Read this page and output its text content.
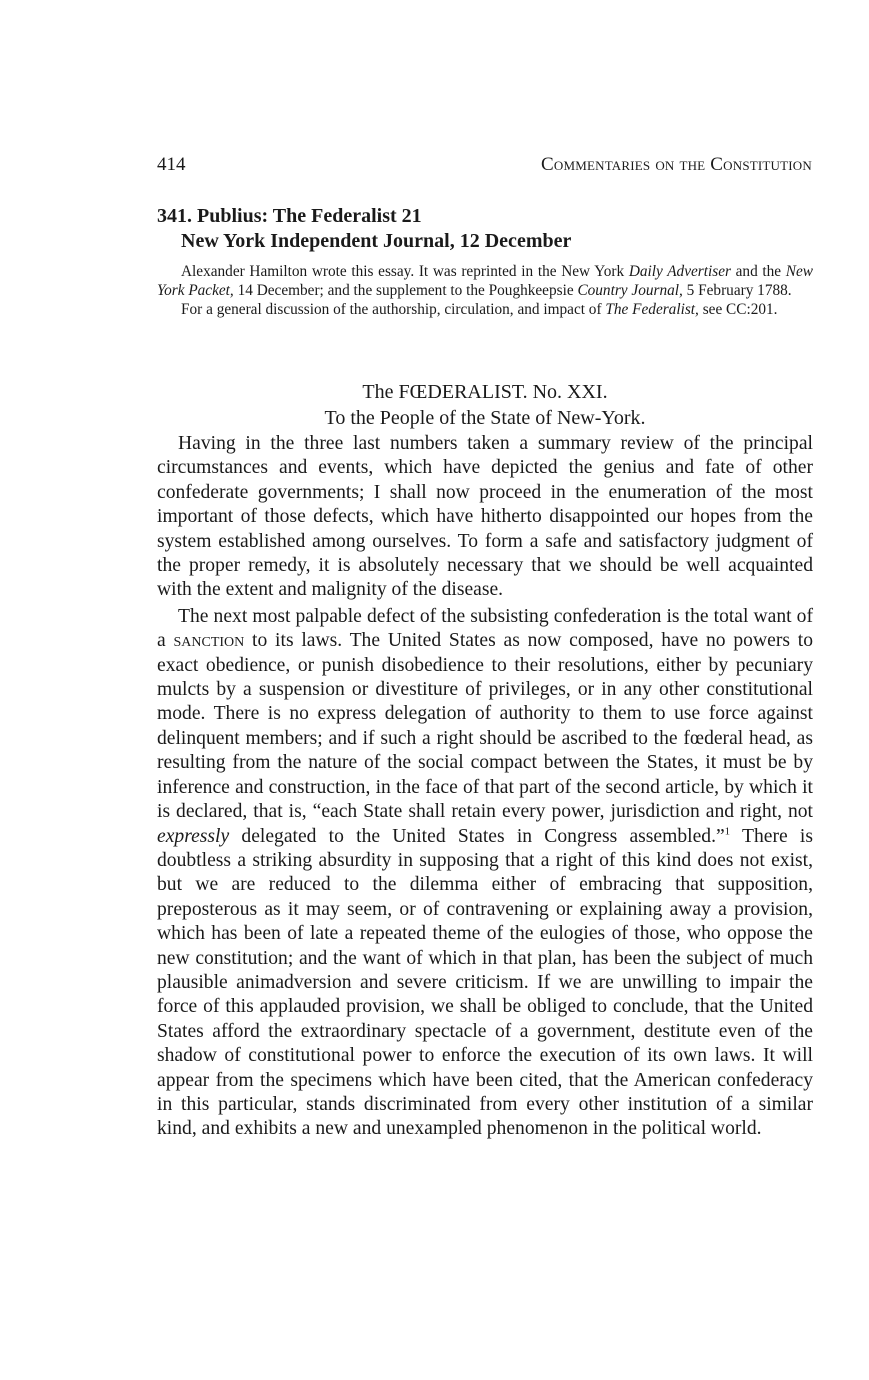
414	Commentaries on the Constitution
341. Publius: The Federalist 21
New York Independent Journal, 12 December

Alexander Hamilton wrote this essay. It was reprinted in the New York Daily Advertiser and the New York Packet, 14 December; and the supplement to the Poughkeepsie Country Journal, 5 February 1788.

For a general discussion of the authorship, circulation, and impact of The Federalist, see CC:201.

The FŒDERALIST. No. XXI.
To the People of the State of New-York.

Having in the three last numbers taken a summary review of the principal circumstances and events, which have depicted the genius and fate of other confederate governments; I shall now proceed in the enumeration of the most important of those defects, which have hitherto disappointed our hopes from the system established among ourselves. To form a safe and satisfactory judgment of the proper remedy, it is absolutely necessary that we should be well acquainted with the extent and malignity of the disease.

The next most palpable defect of the subsisting confederation is the total want of a sanction to its laws. The United States as now composed, have no powers to exact obedience, or punish disobedience to their resolutions, either by pecuniary mulcts by a suspension or divestiture of privileges, or in any other constitutional mode. There is no express delegation of authority to them to use force against delinquent members; and if such a right should be ascribed to the fœderal head, as resulting from the nature of the social compact between the States, it must be by inference and construction, in the face of that part of the second article, by which it is declared, that is, “each State shall retain every power, jurisdiction and right, not expressly delegated to the United States in Congress assembled.”$^1$ There is doubtless a striking absurdity in supposing that a right of this kind does not exist, but we are reduced to the dilemma either of embracing that supposition, preposterous as it may seem, or of contravening or explaining away a provision, which has been of late a repeated theme of the eulogies of those, who oppose the new constitution; and the want of which in that plan, has been the subject of much plausible animadversion and severe criticism. If we are unwilling to impair the force of this applauded provision, we shall be obliged to conclude, that the United States afford the extraordinary spectacle of a government, destitute even of the shadow of constitutional power to enforce the execution of its own laws. It will appear from the specimens which have been cited, that the American confederacy in this particular, stands discriminated from every other institution of a similar kind, and exhibits a new and unexampled phenomenon in the political world.
